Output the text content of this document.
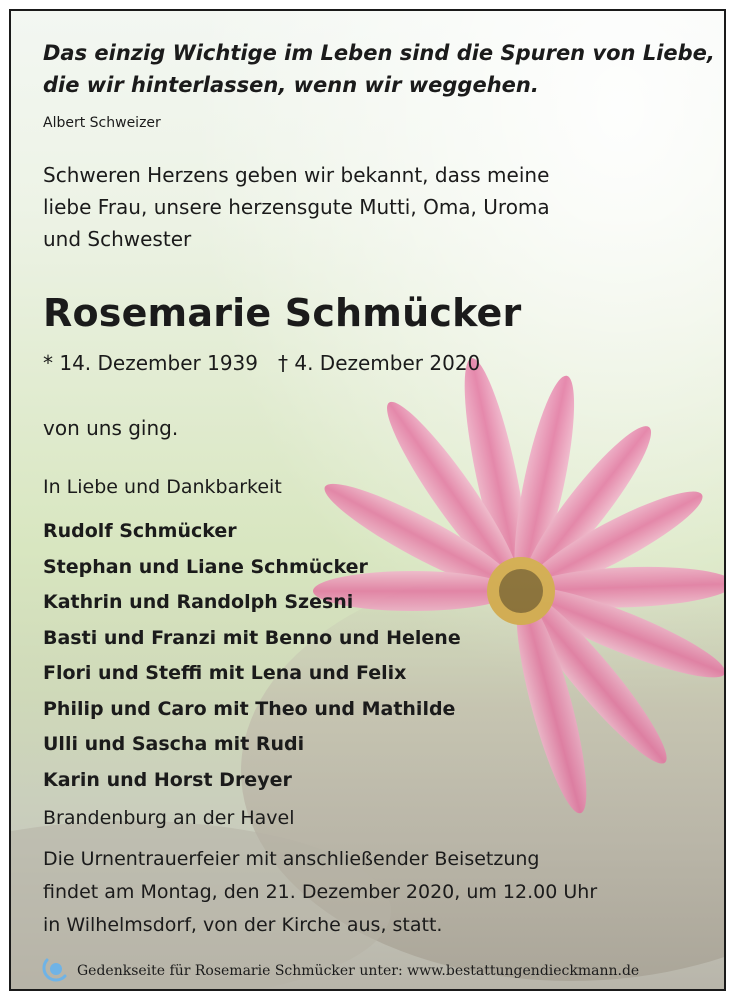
Das einzig Wichtige im Leben sind die Spuren von Liebe,
die wir hinterlassen, wenn wir weggehen.
Albert Schweizer
Schweren Herzens geben wir bekannt, dass meine
liebe Frau, unsere herzensgute Mutti, Oma, Uroma
und Schwester
Rosemarie Schmücker
* 14. Dezember 1939 † 4. Dezember 2020
von uns ging.
In Liebe und Dankbarkeit
Rudolf Schmücker
Stephan und Liane Schmücker
Kathrin und Randolph Szesni
Basti und Franzi mit Benno und Helene
Flori und Steffi mit Lena und Felix
Philip und Caro mit Theo und Mathilde
Ulli und Sascha mit Rudi
Karin und Horst Dreyer
Brandenburg an der Havel
Die Urnentrauerfeier mit anschließender Beisetzung
findet am Montag, den 21. Dezember 2020, um 12.00 Uhr
in Wilhelmsdorf, von der Kirche aus, statt.
Gedenkseite für Rosemarie Schmücker unter: www.bestattungendieckmann.de
